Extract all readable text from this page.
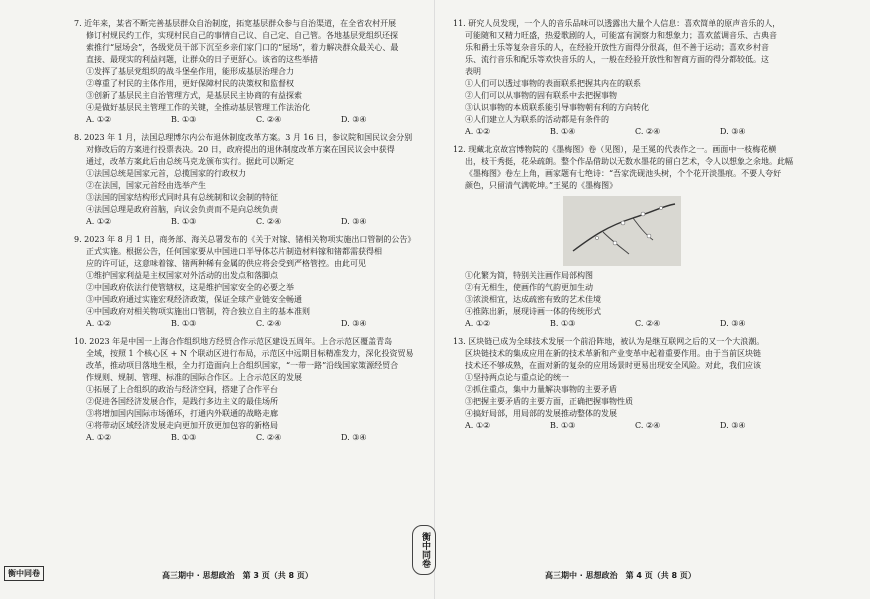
7. 近年来，某省不断完善基层群众自治制度，拓宽基层群众参与自治渠道，在全省农村开展
修订村规民约工作，实现村民自己的事情自己议、自己定、自己管。各地基层党组织还探
索推行“屋场会”，各级党员干部下沉至乡亲们家门口的“屋场”，着力解决群众最关心、最
直接、最现实的利益问题，让群众的日子更舒心。该省的这些举措
①发挥了基层党组织的战斗堡垒作用，能形成基层治理合力
②尊重了村民的主体作用，更好保障村民的决策权和监督权
③创新了基层民主自治管理方式，是基层民主协商的有益探索
④是做好基层民主管理工作的关键，全推动基层管理工作法治化
A. ①②	B. ①③	C. ②④	D. ③④
8. 2023 年 1 月，法国总理博尔内公布退休制度改革方案。3 月 16 日，参议院和国民议会分别
对修改后的方案进行投票表决。20 日，政府提出的退休制度改革方案在国民议会中获得
通过，改革方案此后由总统马克龙颁布实行。据此可以断定
①法国总统是国家元首，总揽国家的行政权力
②在法国，国家元首经由选举产生
③法国的国家结构形式同时具有总统制和议会制的特征
④法国总理是政府首脑，向议会负责而不是向总统负责
A. ①②	B. ①③	C. ②④	D. ③④
9. 2023 年 8 月 1 日，商务部、海关总署发布的《关于对镓、锗相关物项实施出口管制的公告》
正式实施。根据公告，任何国家要从中国进口半导体芯片制造材料镓和锗都需获得相
应的许可证，这意味着镓、锗两种稀有金属的供应将会受到严格管控。由此可见
①维护国家利益是主权国家对外活动的出发点和落脚点
②中国政府依法行使管辖权，这是维护国家安全的必要之举
③中国政府通过实施宏观经济政策，保证全球产业链安全畅通
④中国政府对相关物项实施出口管制，符合独立自主的基本准则
A. ①②	B. ①③	C. ②④	D. ③④
10. 2023 年是中国一上海合作组织地方经贸合作示范区建设五周年。上合示范区覆盖青岛
全域，按照 1 个核心区 + N 个联动区进行布局，示范区中远期目标精准发力，深化投资贸易
改革，推动项目落地生根，全力打造面向上合组织国家，“一带一路”沿线国家策源经贸合
作规则、规制、管理、标准的国际合作区。上合示范区的发展
①拓展了上合组织的政治与经济空间，搭建了合作平台
②促进各国经济发展合作，是践行多边主义的最佳场所
③将增加国内国际市场循环，打通内外联通的战略走廊
④将带动区域经济发展走向更加开放更加包容的新格局
A. ①②	B. ①③	C. ②④	D. ③④
衡中同卷	高三期中 · 思想政治　第 3 页（共 8 页）
衡中同卷
11. 研究人员发现，一个人的音乐品味可以透露出大量个人信息：喜欢简单的原声音乐的人，
可能随和又精力旺盛，热爱歌剧的人，可能富有洞察力和想象力；喜欢蓝调音乐、古典音
乐和爵士乐等复杂音乐的人，在经验开放性方面得分很高，但不善于运动；喜欢乡村音
乐、流行音乐和配乐等欢快音乐的人，一般在经验开放性和智商方面的得分都较低。这
表明
①人们可以透过事物的表面联系把握其内在的联系
②人们可以从事物的固有联系中去把握事物
③认识事物的本质联系能引导事物朝有利的方向转化
④人们建立人为联系的活动都是有条件的
A. ①②	B. ①④	C. ②④	D. ③④
12. 现藏北京故宫博物院的《墨梅图》卷（见图），是王冕的代表作之一。画面中一枝梅花横
出，枝干秀挺，花朵疏朗。整个作品借助以无数水墨花的留白艺术，令人以想象之余地。此幅
《墨梅图》卷左上角，画家题有七绝诗：“吾家洗砚池头树，个个花开淡墨痕。不要人夸好
颜色，只留清气满乾坤。”王冕的《墨梅图》
①化繁为简，特别关注画作局部构图
②有无相生，使画作的气韵更加生动
③浓淡相宜，达成疏密有致的艺术佳境
④推陈出新，展现诗画一体的传统形式
A. ①②	B. ①③	C. ②④	D. ③④
13. 区块链已成为全球技术发展一个前沿阵地，被认为是继互联网之后的又一个大浪潮。
区块链技术的集成应用在新的技术革新和产业变革中起着重要作用。由于当前区块链
技术还不够成熟，在面对新的复杂的应用场景时更易出现安全风险。对此，我们应该
①坚持两点论与重点论的统一
②抓住重点，集中力量解决事物的主要矛盾
③把握主要矛盾的主要方面，正确把握事物性质
④搞好局部，用局部的发展推动整体的发展
A. ①②	B. ①③	C. ②④	D. ③④
高三期中 · 思想政治　第 4 页（共 8 页）
